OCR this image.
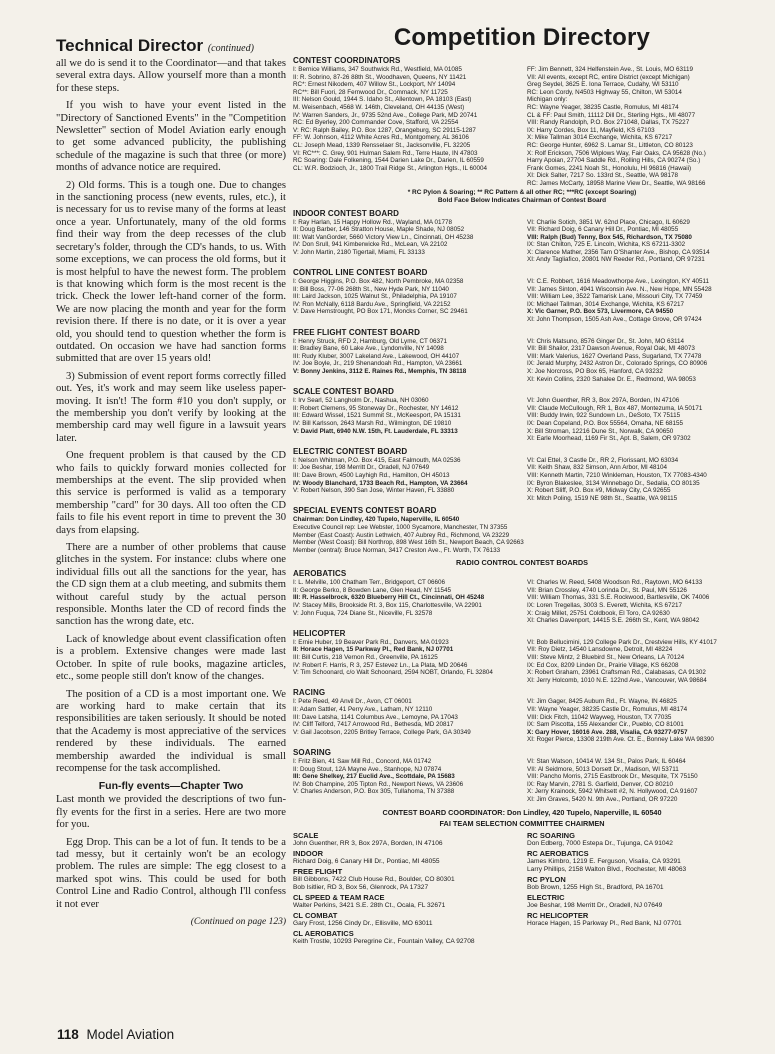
Technical Director (continued)

all we do is send it to the Coordinator—and that takes several extra days. Allow yourself more than a month for these steps.

If you wish to have your event listed in the "Directory of Sanctioned Events" in the "Competition Newsletter" section of Model Aviation early enough to get some advanced publicity, the publishing schedule of the magazine is such that three (or more) months of advance notice are required.

2) Old forms. This is a tough one. Due to changes in the sanctioning process (new events, rules, etc.), it is necessary for us to revise many of the forms at least once a year. Unfortunately, many of the old forms find their way from the deep recesses of the club secretary's folder, through the CD's hands, to us. With some exceptions, we can process the old forms, but it is most helpful to have the newest form. The problem is that knowing which form is the most recent is the trick. Check the lower left-hand corner of the form. We are now placing the month and year for the form revision there. If there is no date, or it is over a year old, you should tend to question whether the form is outdated. On occasion we have had sanction forms submitted that are over 15 years old!

3) Submission of event report forms correctly filled out. Yes, it's work and may seem like useless paper-moving. It isn't! The form #10 you don't supply, or the membership you don't verify by looking at the membership card may well figure in a lawsuit years later.

One frequent problem is that caused by the CD who fails to quickly forward monies collected for memberships at the event. The slip provided when this service is performed is valid as a temporary membership "card" for 30 days. All too often the CD fails to file his event report in time to prevent the 30 days from elapsing.

There are a number of other problems that cause glitches in the system. For instance: clubs where one individual fills out all the sanctions for the year, has the CD sign them at a club meeting, and submits them without careful study by the actual person responsible. Months later the CD of record finds the sanction has the wrong date, etc.

Lack of knowledge about event classification often is a problem. Extensive changes were made last October. In spite of rule books, magazine articles, etc., some people still don't know of the changes.

The position of a CD is a most important one. We are working hard to make certain that its responsibilities are taken seriously. It should be noted that the Academy is most appreciative of the services rendered by these individuals. The earned membership awarded the individual is small recompense for the task accomplished.

Fun-fly events—Chapter Two

Last month we provided the descriptions of two fun-fly events for the first in a series. Here are two more for you.

Egg Drop. This can be a lot of fun. It tends to be a tad messy, but it certainly won't be an ecology problem. The rules are simple: The egg closest to a marked spot wins. This could be used for both Control Line and Radio Control, although I'll confess it not ever

(Continued on page 123)

Competition Directory
CONTEST COORDINATORS
I: Bernice Williams, 347 Southwick Rd., Westfield, MA 01085
II: R. Sobrino, 87-26 88th St., Woodhaven, Queens, NY 11421
RC*: Ernest Nikodem, 407 Willow St., Lockport, NY 14094
RC**: Bill Fuori, 28 Fernwood Dr., Commack, NY 11725
III: Nelson Gould, 1944 S. Idaho St., Allentown, PA 18103 (East)
M. Weisenbach, 4568 W. 146th, Cleveland, OH 44135 (West)
IV: Warren Sanders, Jr., 9735 52nd Ave., College Park, MD 20741
RC: Ed Byerley, 200 Commander Cove, Stafford, VA 22554
V: RC: Ralph Bailey, P.O. Box 1287, Orangeburg, SC 29115-1287
FF: W. Johnson, 4112 White Acres Rd., Montgomery, AL 36106
CL: Joseph Mead, 1339 Rensselaer St., Jacksonville, FL 32205
VI: RC***: C. Grey, 901 Hulman Salem Rd., Terre Haute, IN 47803
RC Soaring: Dale Folkening, 1544 Darien Lake Dr., Darien, IL 60559
CL: W.R. Bodzioch, Jr., 1800 Trail Ridge St., Arlington Hgts., IL 60004
FF: Jim Bennett, 324 Helfenstein Ave., St. Louis, MO 63119
VII: All events, except RC, entire District (except Michigan)
Greg Seydel, 3625 E. Iona Terrace, Cudahy, WI 53110
RC: Leon Cordy, N4503 Highway 55, Chilton, WI 53014
Michigan only:
RC: Wayne Yeager, 38235 Castle, Romulus, MI 48174
CL & FF: Paul Smith, 11112 Dill Dr., Sterling Hgts., MI 48077
VIII: Randy Randolph, P.O. Box 271048, Dallas, TX 75227
IX: Harry Cordes, Box 11, Mayfield, KS 67103
X: Mike Tallman 3014 Exchange, Wichita, KS 67217
RC: George Hunter, 6962 S. Lamar St., Littleton, CO 80123
X: Rolf Erickson, 7506 Wiplows Way, Fair Oaks, CA 95628 (No.)
Harry Apoian, 27704 Saddle Rd., Rolling Hills, CA 90274 (So.)
Frank Gomes, 2241 Noah St., Honolulu, HI 96816 (Hawaii)
XI: Dick Salter, 7217 So. 133rd St., Seattle, WA 98178
RC: James McCarty, 18958 Marine View Dr., Seattle, WA 98166
* RC Pylon & Soaring; ** RC Pattern & all other RC; ***RC (except Soaring)
Bold Face Below Indicates Chairman of Contest Board
INDOOR CONTEST BOARD
I: Ray Harlan, 15 Happy Hollow Rd., Wayland, MA 01778
II: Doug Barber, 146 Stratton House, Maple Shade, NJ 08052
III: Walt VanGorder, 5660 Victory View Ln., Cincinnati, OH 45238
IV: Don Srull, 941 Kimberwicke Rd., McLean, VA 22102
V: John Martin, 2180 Tigertail, Miami, FL 33133
VI: Charlie Sotich, 3851 W. 62nd Place, Chicago, IL 60629
VII: Richard Doig, 6 Canary Hill Dr., Pontiac, MI 48055
VIII: Ralph (Bud) Tenny, Box 545, Richardson, TX 75080
IX: Stan Chilton, 725 E. Lincoln, Wichita, KS 67211-3302
X: Clarence Mather, 2356 Tam O'Shanter Ave., Bishop, CA 93514
XI: Andy Tagliafico, 20801 NW Reeder Rd., Portland, OR 97231
CONTROL LINE CONTEST BOARD
I: George Higgins, P.O. Box 482, North Pembroke, MA 02358
II: Bill Boss, 77-06 268th St., New Hyde Park, NY 11040
III: Laird Jackson, 1025 Walnut St., Philadelphia, PA 19107
IV: Ron McNally, 6118 Bardu Ave., Springfield, VA 22152
V: Dave Hemstrought, PO Box 171, Moncks Corner, SC 29461
VI: C.E. Robbert, 1616 Meadowthorpe Ave., Lexington, KY 40511
VII: James Sinton, 4941 Wisconsin Ave. N., New Hope, MN 55428
VIII: William Lee, 3522 Tamarisk Lane, Missouri City, TX 77459
IX: Michael Tallman, 3014 Exchange, Wichita, KS 67217
X: Vic Garner, P.O. Box 573, Livermore, CA 94550
XI: John Thompson, 1505 Ash Ave., Cottage Grove, OR 97424
FREE FLIGHT CONTEST BOARD
I: Henry Struck, RFD 2, Hamburg, Old Lyme, CT 06371
II: Bradley Bane, 60 Lake Ave., Lyndonville, NY 14098
III: Rudy Kluber, 3007 Lakeland Ave., Lakewood, OH 44107
IV: Joe Boyle, Jr., 219 Shenandoah Rd., Hampton, VA 23661
V: Bonny Jenkins, 3112 E. Raines Rd., Memphis, TN 38118
VI: Chris Matsuno, 8576 Ginger Dr., St. John, MO 63114
VII: Bill Shailor, 2317 Dawson Avenue, Royal Oak, MI 48073
VIII: Mark Valerius, 1627 Overland Pass, Sugarland, TX 77478
IX: Jerald Murphy, 2432 Astron Dr., Colorado Springs, CO 80906
X: Joe Norcross, PO Box 65, Hanford, CA 93232
XI: Kevin Collins, 2320 Sahalee Dr. E., Redmond, WA 98053
SCALE CONTEST BOARD
I: Irv Searl, 52 Langholm Dr., Nashua, NH 03060
II: Robert Clemens, 95 Stoneway Dr., Rochester, NY 14612
III: Edward Wissel, 1521 Summit St., McKeesport, PA 15131
IV: Bill Karlsson, 2643 Marsh Rd., Wilmington, DE 19810
V: David Platt, 6940 N.W. 15th, Ft. Lauderdale, FL 33313
VI: John Guenther, RR 3, Box 297A, Borden, IN 47106
VII: Claude McCullough, RR 1, Box 487, Montezuma, IA 50171
VIII: Buddy Irwin, 922 Sundown Ln., DeSoto, TX 75115
IX: Dean Copeland, P.O. Box 55564, Omaha, NE 68155
X: Bill Stroman, 12216 Dune St., Norwalk, CA 90650
XI: Earle Moorhead, 1169 Fir St., Apt. B, Salem, OR 97302
ELECTRIC CONTEST BOARD
I: Nelson Whitman, P.O. Box 415, East Falmouth, MA 02536
II: Joe Beshar, 198 Merritt Dr., Oradell, NJ 07649
III: Dave Brown, 4500 Layhigh Rd., Hamilton, OH 45013
IV: Woody Blanchard, 1733 Beach Rd., Hampton, VA 23664
V: Robert Nelson, 390 San Jose, Winter Haven, FL 33880
VI: Cal Ettel, 3 Castle Dr., RR 2, Florissant, MO 63034
VII: Keith Shaw, 832 Simson, Ann Arbor, MI 48104
VIII: Kenneth Martin, 7210 Winkleman, Houston, TX 77083-4340
IX: Byron Blakeslee, 3134 Winnebago Dr., Sedalia, CO 80135
X: Robert Sliff, P.O. Box #9, Midway City, CA 92655
XI: Mitch Poling, 1519 NE 98th St., Seattle, WA 98115
SPECIAL EVENTS CONTEST BOARD
Chairman: Don Lindley, 420 Tupelo, Naperville, IL 60540
Executive Council rep: Lee Webster, 1000 Sycamore, Manchester, TN 37355
Member (East Coast): Austin Lethwich, 407 Aubrey Rd., Richmond, VA 23229
Member (West Coast): Bill Northrop, 898 West 16th St., Newport Beach, CA 92663
Member (central): Bruce Norman, 3417 Creston Ave., Ft. Worth, TX 76133
RADIO CONTROL CONTEST BOARDS
AEROBATICS
I: L. Melville, 100 Chatham Terr., Bridgeport, CT 06606
II: George Berko, 8 Bowden Lane, Glen Head, NY 11545
III: R. Hasselbrock, 6320 Blueberry Hill Ct., Cincinnati, OH 45248
IV: Stacey Mills, Brookside Rt. 3, Box 115, Charlottesville, VA 22901
V: John Fuqua, 724 Diane St., Niceville, FL 32578
VI: Charles W. Reed, 5408 Woodson Rd., Raytown, MO 64133
VII: Brian Crossley, 4740 Lorinda Dr., St. Paul, MN 55126
VIII: William Thomas, 331 S.E. Rockwood, Bartlesville, OK 74006
IX: Loren Tregellas, 3003 S. Everett, Wichita, KS 67217
X: Craig Millet, 25751 Coldbook, El Toro, CA 92630
XI: Charles Davenport, 14415 S.E. 266th St., Kent, WA 98042
HELICOPTER
I: Ernie Huber, 19 Beaver Park Rd., Danvers, MA 01923
II: Horace Hagen, 15 Parkway Pl., Red Bank, NJ 07701
III: Bill Curtis, 218 Vernon Rd., Greenville, PA 16125
IV: Robert F. Harris, R 3, 257 Estevez Ln., La Plata, MD 20646
V: Tim Schoonard, c/o Walt Schoonard, 2594 NOBT, Orlando, FL 32804
VI: Bob Bellucimini, 129 College Park Dr., Crestview Hills, KY 41017
VII: Roy Dietz, 14540 Lansdowne, Detroit, MI 48224
VIII: Steve Mintz, 2 Bluebird St., New Orleans, LA 70124
IX: Ed Cox, 8209 Linden Dr., Prairie Village, KS 66208
X: Robert Graham, 23961 Craftsman Rd., Calabasas, CA 91302
XI: Jerry Holcomb, 1010 N.E. 122nd Ave., Vancouver, WA 98684
RACING
I: Pete Reed, 49 Anvil Dr., Avon, CT 06001
II: Adam Sattler, 41 Perry Ave., Latham, NY 12110
III: Dave Latsha, 1141 Columbus Ave., Lemoyne, PA 17043
IV: Cliff Telford, 7417 Arrowood Rd., Bethesda, MD 20817
V: Gail Jacobson, 2205 Britley Terrace, College Park, GA 30349
VI: Jim Gager, 8425 Auburn Rd., Ft. Wayne, IN 46825
VII: Wayne Yeager, 38235 Castle Dr., Romulus, MI 48174
VIII: Dick Fitch, 11042 Wayweg, Houston, TX 77035
IX: Sam Piscotta, 155 Alexander Cir., Pueblo, CO 81001
X: Gary Hover, 16016 Ave. 288, Visalia, CA 93277-9757
XI: Roger Pierce, 13308 219th Ave. Ct. E., Bonney Lake WA 98390
SOARING
I: Fritz Bien, 41 Saw Mill Rd., Concord, MA 01742
II: Doug Stout, 12A Mayne Ave., Stanhope, NJ 07874
III: Gene Shelkey, 217 Euclid Ave., Scottdale, PA 15683
IV: Bob Champine, 205 Tipton Rd., Newport News, VA 23606
V: Charles Anderson, P.O. Box 305, Tullahoma, TN 37388
VI: Stan Watson, 10414 W. 134 St., Palos Park, IL 60464
VII: Al Seidmore, 5013 Dorsett Dr., Madison, WI 53711
VIII: Pancho Morris, 2715 Eastbrook Dr., Mesquite, TX 75150
IX: Ray Marvin, 2781 S. Garfield, Denver, CO 80210
X: Jerry Krainock, 5942 Whitsett #2, N. Hollywood, CA 91607
XI: Jim Graves, 5420 N. 9th Ave., Portland, OR 97220
CONTEST BOARD COORDINATOR: Don Lindley, 420 Tupelo, Naperville, IL 60540
FAI TEAM SELECTION COMMITTEE CHAIRMEN
SCALE
John Guenther, RR 3, Box 297A, Borden, IN 47106
INDOOR
Richard Doig, 6 Canary Hill Dr., Pontiac, MI 48055
FREE FLIGHT
Bill Gibbons, 7422 Club House Rd., Boulder, CO 80301
Bob Isitlier, RD 3, Box 56, Glenrock, PA 17327
CL SPEED & TEAM RACE
Walter Perkins, 3421 S.E. 28th Ct., Ocala, FL 32671
CL COMBAT
Gary Frost, 1256 Cindy Dr., Ellisville, MO 63011
CL AEROBATICS
Keith Trostle, 10293 Peregrine Cir., Fountain Valley, CA 92708
RC SOARING
Don Edberg, 7000 Estepa Dr., Tujunga, CA 91042
RC AEROBATICS
James Kimbro, 1219 E. Ferguson, Visalia, CA 93291
Larry Phillips, 2158 Walton Blvd., Rochester, MI 48063
RC PYLON
Bob Brown, 1255 High St., Bradford, PA 16701
ELECTRIC
Joe Beshar, 198 Merritt Dr., Oradell, NJ 07649
RC HELICOPTER
Horace Hagen, 15 Parkway Pl., Red Bank, NJ 07701
118 Model Aviation
